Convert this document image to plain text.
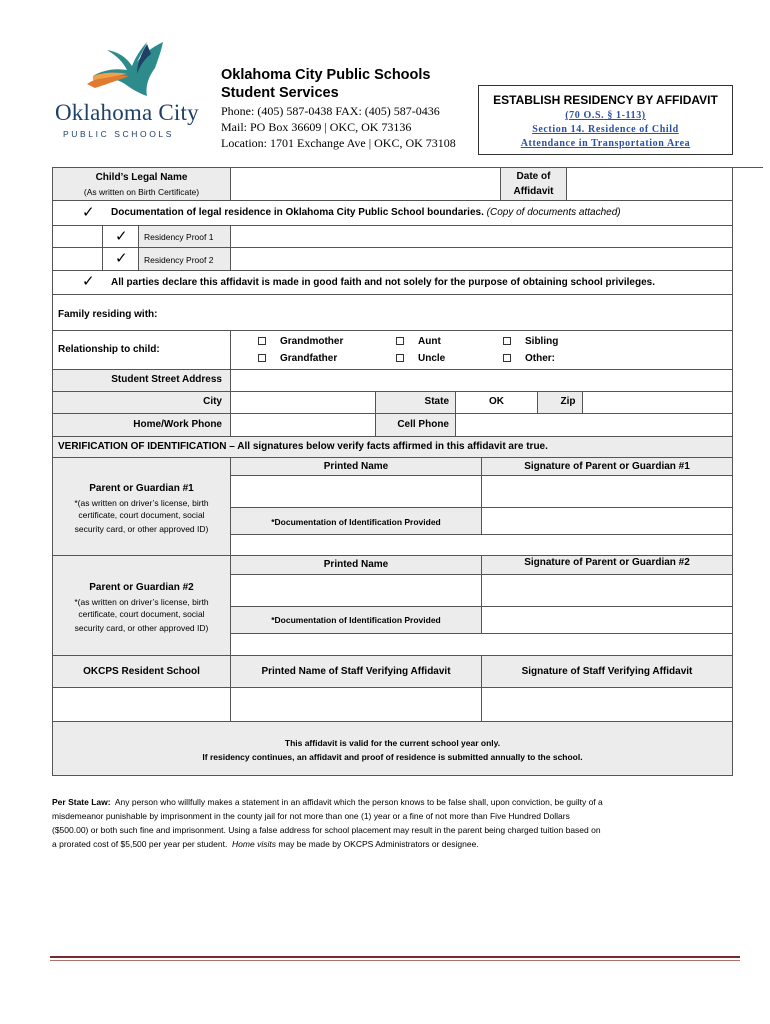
Oklahoma City
PUBLIC SCHOOLS
Oklahoma City Public Schools
Student Services
Phone: (405) 587-0438 FAX: (405) 587-0436
Mail: PO Box 36609 | OKC, OK 73136
Location: 1701 Exchange Ave | OKC, OK 73108
ESTABLISH RESIDENCY BY AFFIDAVIT
(70 O.S. § 1-113)
Section 14. Residence of Child
Attendance in Transportation Area
Child’s Legal Name
(As written on Birth Certificate)
Date of
Affidavit
✓ Documentation of legal residence in Oklahoma City Public School boundaries. (Copy of documents attached)
✓ Residency Proof 1
✓ Residency Proof 2
✓ All parties declare this affidavit is made in good faith and not solely for the purpose of obtaining school privileges.
Family residing with:
Relationship to child:
Grandmother
Grandfather
Aunt
Uncle
Sibling
Other:
Student Street Address
City	State	OK	Zip
Home/Work Phone	Cell Phone
VERIFICATION OF IDENTIFICATION – All signatures below verify facts affirmed in this affidavit are true.
Printed Name	Signature of Parent or Guardian #1
*Documentation of Identification Provided
Parent or Guardian #1
*(as written on driver’s license, birth
certificate, court document, social
security card, or other approved ID)
Printed Name	Signature of Parent or Guardian #2
*Documentation of Identification Provided
Parent or Guardian #2
*(as written on driver’s license, birth
certificate, court document, social
security card, or other approved ID)
OKCPS Resident School	Printed Name of Staff Verifying Affidavit	Signature of Staff Verifying Affidavit
This affidavit is valid for the current school year only.
If residency continues, an affidavit and proof of residence is submitted annually to the school.
Per State Law: Any person who willfully makes a statement in an affidavit which the person knows to be false shall, upon conviction, be guilty of a
misdemeanor punishable by imprisonment in the county jail for not more than one (1) year or a fine of not more than Five Hundred Dollars
($500.00) or both such fine and imprisonment. Using a false address for school placement may result in the parent being charged tuition based on
a prorated cost of $5,500 per year per student. Home visits may be made by OKCPS Administrators or designee.
